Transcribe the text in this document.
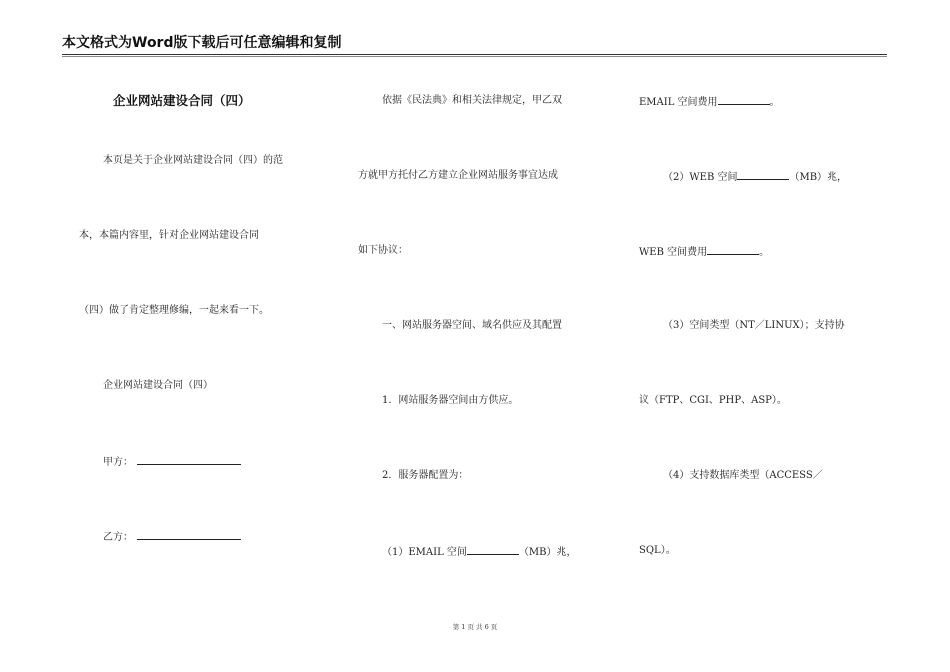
本文格式为Word版下载后可任意编辑和复制
企业网站建设合同（四）
本页是关于企业网站建设合同（四）的范
本，本篇内容里，针对企业网站建设合同
（四）做了肯定整理修编，一起来看一下。
企业网站建设合同（四）
甲方：
乙方：
依据《民法典》和相关法律规定，甲乙双
方就甲方托付乙方建立企业网站服务事宜达成
如下协议：
一、网站服务器空间、域名供应及其配置
1．网站服务器空间由方供应。
2．服务器配置为：
（1）EMAIL 空间	（MB）兆，
EMAIL 空间费用	。
（2）WEB 空间	（MB）兆，
WEB 空间费用	。
（3）空间类型（NT／LINUX）；支持协
议（FTP、CGI、PHP、ASP）。
（4）支持数据库类型（ACCESS／
SQL）。
第 1 页 共 6 页
